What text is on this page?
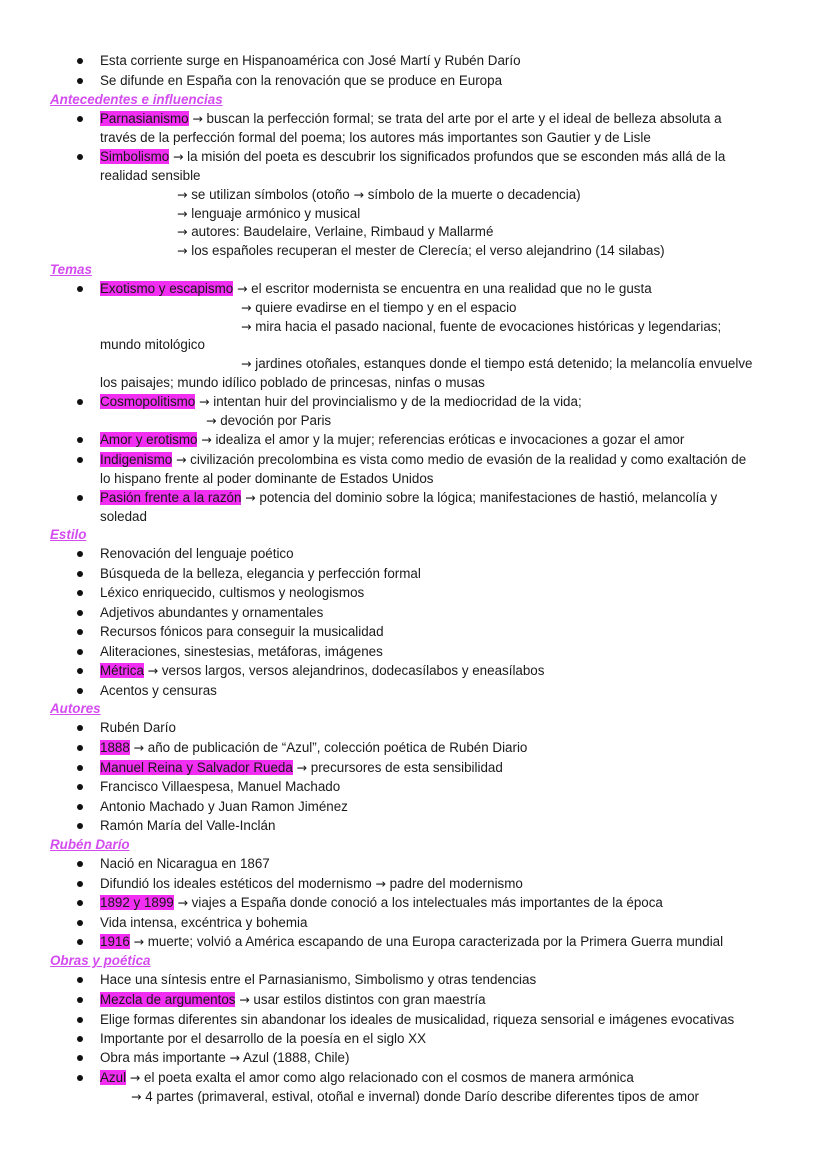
Esta corriente surge en Hispanoamérica con José Martí y Rubén Darío
Se difunde en España con la renovación que se produce en Europa
Antecedentes e influencias
Parnasianismo → buscan la perfección formal; se trata del arte por el arte y el ideal de belleza absoluta a
través de la perfección formal del poema; los autores más importantes son Gautier y de Lisle
Simbolismo → la misión del poeta es descubrir los significados profundos que se esconden más allá de la
realidad sensible
→ se utilizan símbolos (otoño → símbolo de la muerte o decadencia)
→ lenguaje armónico y musical
→ autores: Baudelaire, Verlaine, Rimbaud y Mallarmé
→ los españoles recuperan el mester de Clerecía; el verso alejandrino (14 silabas)
Temas
Exotismo y escapismo → el escritor modernista se encuentra en una realidad que no le gusta
→ quiere evadirse en el tiempo y en el espacio
→ mira hacia el pasado nacional, fuente de evocaciones históricas y legendarias;
mundo mitológico
→ jardines otoñales, estanques donde el tiempo está detenido; la melancolía envuelve
los paisajes; mundo idílico poblado de princesas, ninfas o musas
Cosmopolitismo → intentan huir del provincialismo y de la mediocridad de la vida;
→ devoción por Paris
Amor y erotismo → idealiza el amor y la mujer; referencias eróticas e invocaciones a gozar el amor
Indigenismo → civilización precolombina es vista como medio de evasión de la realidad y como exaltación de
lo hispano frente al poder dominante de Estados Unidos
Pasión frente a la razón → potencia del dominio sobre la lógica; manifestaciones de hastió, melancolía y
soledad
Estilo
Renovación del lenguaje poético
Búsqueda de la belleza, elegancia y perfección formal
Léxico enriquecido, cultismos y neologismos
Adjetivos abundantes y ornamentales
Recursos fónicos para conseguir la musicalidad
Aliteraciones, sinestesias, metáforas, imágenes
Métrica → versos largos, versos alejandrinos, dodecasílabos y eneasílabos
Acentos y censuras
Autores
Rubén Darío
1888 → año de publicación de “Azul”, colección poética de Rubén Diario
Manuel Reina y Salvador Rueda → precursores de esta sensibilidad
Francisco Villaespesa, Manuel Machado
Antonio Machado y Juan Ramon Jiménez
Ramón María del Valle-Inclán
Rubén Darío
Nació en Nicaragua en 1867
Difundió los ideales estéticos del modernismo → padre del modernismo
1892 y 1899 → viajes a España donde conoció a los intelectuales más importantes de la época
Vida intensa, excéntrica y bohemia
1916 → muerte; volvió a América escapando de una Europa caracterizada por la Primera Guerra mundial
Obras y poética
Hace una síntesis entre el Parnasianismo, Simbolismo y otras tendencias
Mezcla de argumentos → usar estilos distintos con gran maestría
Elige formas diferentes sin abandonar los ideales de musicalidad, riqueza sensorial e imágenes evocativas
Importante por el desarrollo de la poesía en el siglo XX
Obra más importante → Azul (1888, Chile)
Azul → el poeta exalta el amor como algo relacionado con el cosmos de manera armónica
→ 4 partes (primaveral, estival, otoñal e invernal) donde Darío describe diferentes tipos de amor
